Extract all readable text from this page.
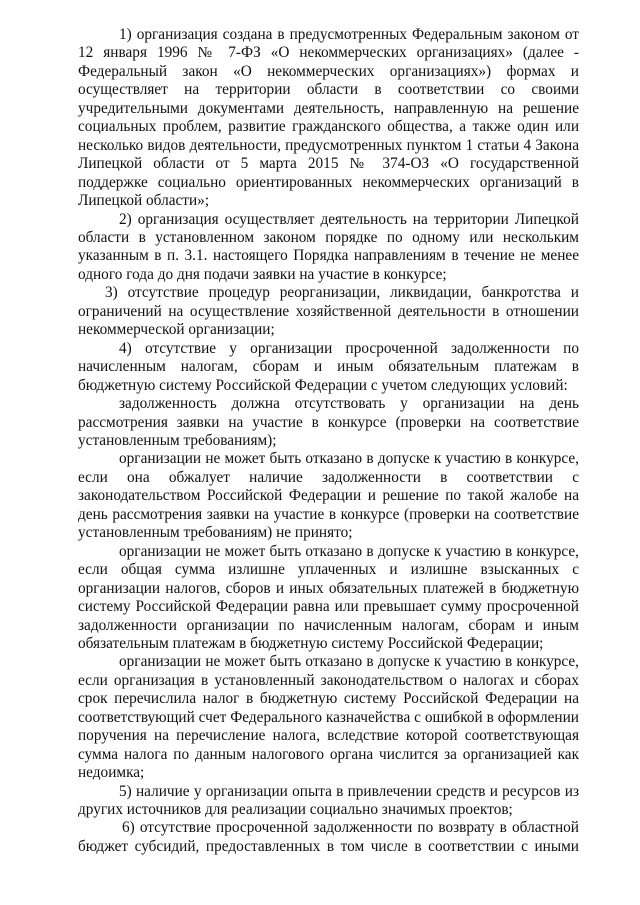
1) организация создана в предусмотренных Федеральным законом от 12 января 1996 № 7-ФЗ «О некоммерческих организациях» (далее - Федеральный закон «О некоммерческих организациях») формах и осуществляет на территории области в соответствии со своими учредительными документами деятельность, направленную на решение социальных проблем, развитие гражданского общества, а также один или несколько видов деятельности, предусмотренных пунктом 1 статьи 4 Закона Липецкой области от 5 марта 2015 № 374-ОЗ «О государственной поддержке социально ориентированных некоммерческих организаций в Липецкой области»;

2) организация осуществляет деятельность на территории Липецкой области в установленном законом порядке по одному или нескольким указанным в п. 3.1. настоящего Порядка направлениям в течение не менее одного года до дня подачи заявки на участие в конкурсе;

3) отсутствие процедур реорганизации, ликвидации, банкротства и ограничений на осуществление хозяйственной деятельности в отношении некоммерческой организации;

4) отсутствие у организации просроченной задолженности по начисленным налогам, сборам и иным обязательным платежам в бюджетную систему Российской Федерации с учетом следующих условий:

задолженность должна отсутствовать у организации на день рассмотрения заявки на участие в конкурсе (проверки на соответствие установленным требованиям);

организации не может быть отказано в допуске к участию в конкурсе, если она обжалует наличие задолженности в соответствии с законодательством Российской Федерации и решение по такой жалобе на день рассмотрения заявки на участие в конкурсе (проверки на соответствие установленным требованиям) не принято;

организации не может быть отказано в допуске к участию в конкурсе, если общая сумма излишне уплаченных и излишне взысканных с организации налогов, сборов и иных обязательных платежей в бюджетную систему Российской Федерации равна или превышает сумму просроченной задолженности организации по начисленным налогам, сборам и иным обязательным платежам в бюджетную систему Российской Федерации;

организации не может быть отказано в допуске к участию в конкурсе, если организация в установленный законодательством о налогах и сборах срок перечислила налог в бюджетную систему Российской Федерации на соответствующий счет Федерального казначейства с ошибкой в оформлении поручения на перечисление налога, вследствие которой соответствующая сумма налога по данным налогового органа числится за организацией как недоимка;

5) наличие у организации опыта в привлечении средств и ресурсов из других источников для реализации социально значимых проектов;

6) отсутствие просроченной задолженности по возврату в областной бюджет субсидий, предоставленных в том числе в соответствии с иными
